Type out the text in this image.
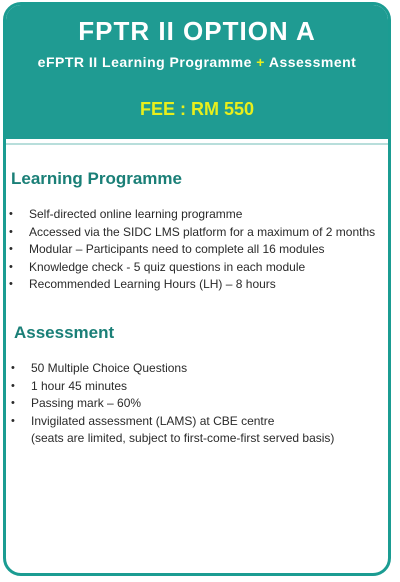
FPTR II OPTION A
eFPTR II Learning Programme + Assessment
FEE : RM 550
Learning Programme
• Self-directed online learning programme
• Accessed via the SIDC LMS platform for a maximum of 2 months
• Modular – Participants need to complete all 16 modules
• Knowledge check - 5 quiz questions in each module
• Recommended Learning Hours (LH) – 8 hours
Assessment
• 50 Multiple Choice Questions
• 1 hour 45 minutes
• Passing mark – 60%
• Invigilated assessment (LAMS) at CBE centre
(seats are limited, subject to first-come-first served basis)
